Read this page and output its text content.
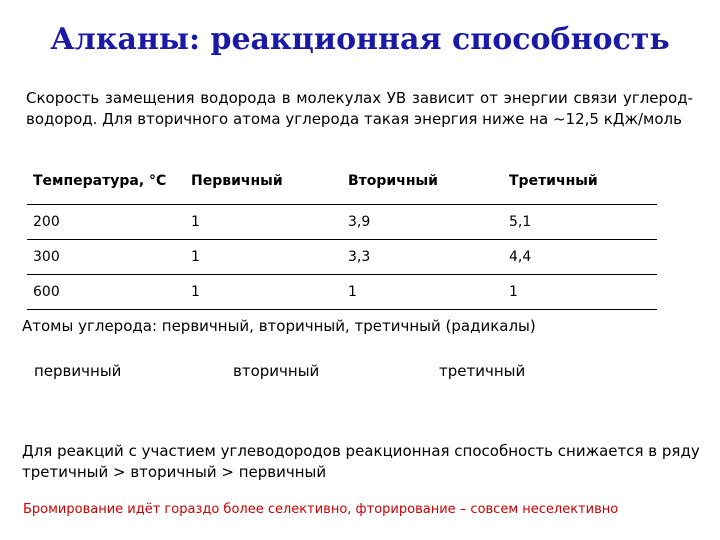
Алканы: реакционная способность
Скорость замещения водорода в молекулах УВ зависит от энергии связи углерод-водород. Для вторичного атома углерода такая энергия ниже на ~12,5 кДж/моль
Температура, °С	Первичный	Вторичный	Третичный
200	1	3,9	5,1
300	1	3,3	4,4
600	1	1	1
Атомы углерода: первичный, вторичный, третичный (радикалы)
первичный	вторичный	третичный
Для реакций с участием углеводородов реакционная способность снижается в ряду третичный > вторичный > первичный
Бромирование идёт гораздо более селективно, фторирование – совсем неселективно
